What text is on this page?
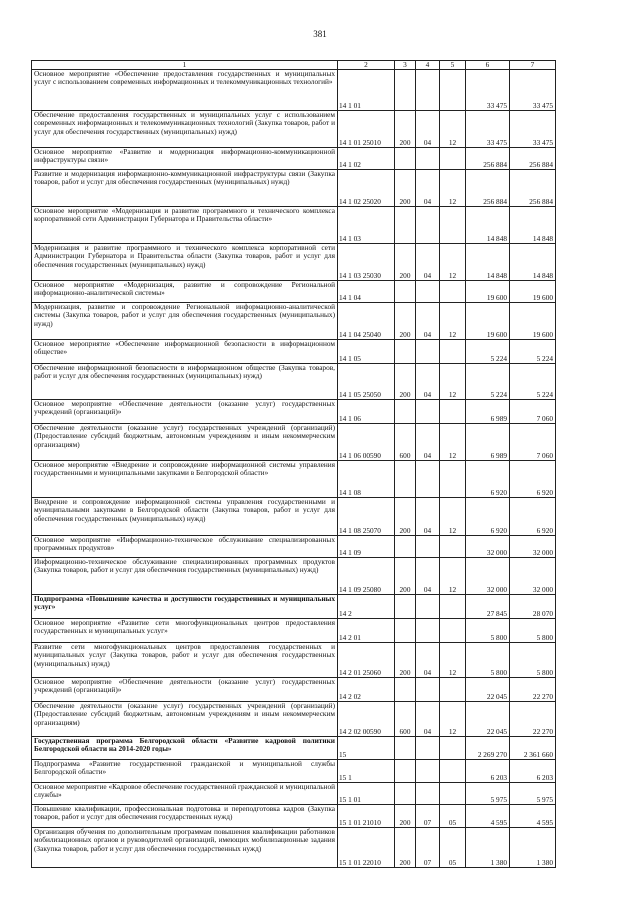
381
1	2	3	4	5	6	7
Основное мероприятие «Обеспечение предоставления государственных и муниципальных услуг с использованием современных информационных и телекоммуникационных технологий»	14 1 01				33 475	33 475
Обеспечение предоставления государственных и муниципальных услуг с использованием современных информационных и телекоммуникационных технологий (Закупка товаров, работ и услуг для обеспечения государственных (муниципальных) нужд)	14 1 01 25010	200	04	12	33 475	33 475
Основное мероприятие «Развитие и модернизация информационно-коммуникационной инфраструктуры связи»	14 1 02				256 884	256 884
Развитие и модернизация информационно-коммуникационной инфраструктуры связи (Закупка товаров, работ и услуг для обеспечения государственных (муниципальных) нужд)	14 1 02 25020	200	04	12	256 884	256 884
Основное мероприятие «Модернизация и развитие программного и технического комплекса корпоративной сети Администрации Губернатора и Правительства области»	14 1 03				14 848	14 848
Модернизация и развитие программного и технического комплекса корпоративной сети Администрации Губернатора и Правительства области (Закупка товаров, работ и услуг для обеспечения государственных (муниципальных) нужд)	14 1 03 25030	200	04	12	14 848	14 848
Основное мероприятие «Модернизация, развитие и сопровождение Региональной информационно-аналитической системы»	14 1 04				19 600	19 600
Модернизация, развитие и сопровождение Региональной информационно-аналитической системы (Закупка товаров, работ и услуг для обеспечения государственных (муниципальных) нужд)	14 1 04 25040	200	04	12	19 600	19 600
Основное мероприятие «Обеспечение информационной безопасности в информационном обществе»	14 1 05				5 224	5 224
Обеспечение информационной безопасности в информационном обществе (Закупка товаров, работ и услуг для обеспечения государственных (муниципальных) нужд)	14 1 05 25050	200	04	12	5 224	5 224
Основное мероприятие «Обеспечение деятельности (оказание услуг) государственных учреждений (организаций)»	14 1 06				6 989	7 060
Обеспечение деятельности (оказание услуг) государственных учреждений (организаций) (Предоставление субсидий бюджетным, автономным учреждениям и иным некоммерческим организациям)	14 1 06 00590	600	04	12	6 989	7 060
Основное мероприятие «Внедрение и сопровождение информационной системы управления государственными и муниципальными закупками в Белгородской области»	14 1 08				6 920	6 920
Внедрение и сопровождение информационной системы управления государственными и муниципальными закупками в Белгородской области (Закупка товаров, работ и услуг для обеспечения государственных (муниципальных) нужд)	14 1 08 25070	200	04	12	6 920	6 920
Основное мероприятие «Информационно-техническое обслуживание специализированных программных продуктов»	14 1 09				32 000	32 000
Информационно-техническое обслуживание специализированных программных продуктов (Закупка товаров, работ и услуг для обеспечения государственных (муниципальных) нужд)	14 1 09 25080	200	04	12	32 000	32 000
Подпрограмма «Повышение качества и доступности государственных и муниципальных услуг»	14 2				27 845	28 070
Основное мероприятие «Развитие сети многофункциональных центров предоставления государственных и муниципальных услуг»	14 2 01				5 800	5 800
Развитие сети многофункциональных центров предоставления государственных и муниципальных услуг (Закупка товаров, работ и услуг для обеспечения государственных (муниципальных) нужд)	14 2 01 25060	200	04	12	5 800	5 800
Основное мероприятие «Обеспечение деятельности (оказание услуг) государственных учреждений (организаций)»	14 2 02				22 045	22 270
Обеспечение деятельности (оказание услуг) государственных учреждений (организаций) (Предоставление субсидий бюджетным, автономным учреждениям и иным некоммерческим организациям)	14 2 02 00590	600	04	12	22 045	22 270
Государственная программа Белгородской области «Развитие кадровой политики Белгородской области на 2014-2020 годы»	15				2 269 270	2 361 660
Подпрограмма «Развитие государственной гражданской и муниципальной службы Белгородской области»	15 1				6 203	6 203
Основное мероприятие «Кадровое обеспечение государственной гражданской и муниципальной службы»	15 1 01				5 975	5 975
Повышение квалификации, профессиональная подготовка и переподготовка кадров (Закупка товаров, работ и услуг для обеспечения государственных нужд)	15 1 01 21010	200	07	05	4 595	4 595
Организация обучения по дополнительным программам повышения квалификации работников мобилизационных органов и руководителей организаций, имеющих мобилизационные задания (Закупка товаров, работ и услуг для обеспечения государственных нужд)	15 1 01 22010	200	07	05	1 380	1 380
